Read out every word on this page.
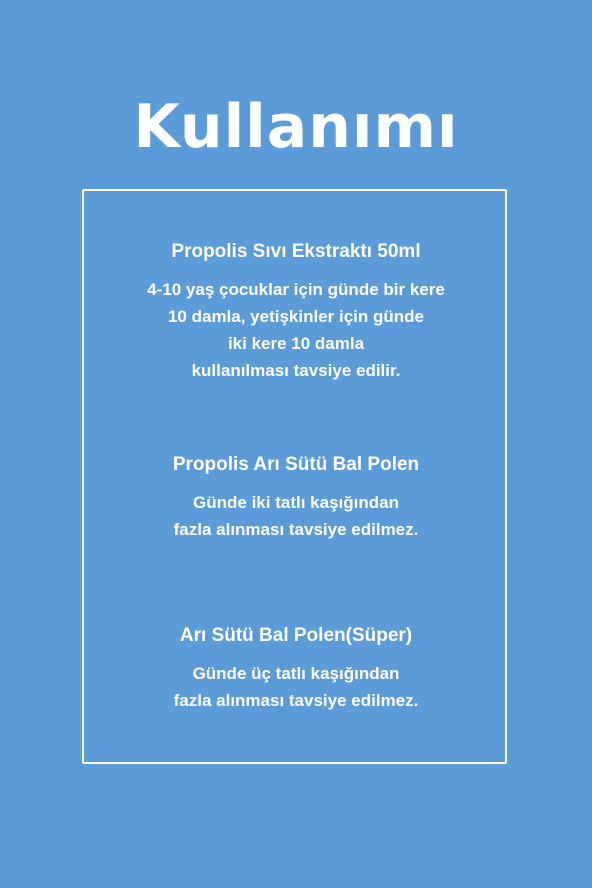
Kullanımı
Propolis Sıvı Ekstraktı 50ml
4-10 yaş çocuklar için günde bir kere
10 damla, yetişkinler için günde
iki kere 10 damla
kullanılması tavsiye edilir.
Propolis Arı Sütü Bal Polen
Günde iki tatlı kaşığından
fazla alınması tavsiye edilmez.
Arı Sütü Bal Polen(Süper)
Günde üç tatlı kaşığından
fazla alınması tavsiye edilmez.
